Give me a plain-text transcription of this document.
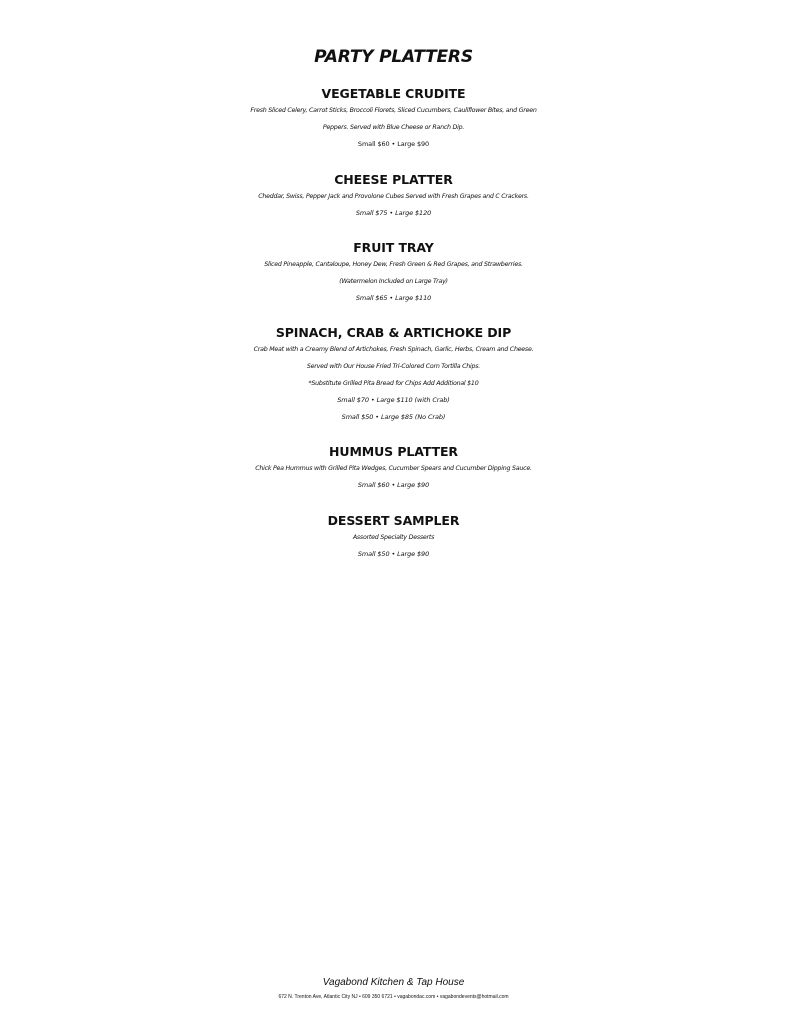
PARTY PLATTERS
VEGETABLE CRUDITE
Fresh Sliced Celery, Carrot Sticks, Broccoli Florets, Sliced Cucumbers, Cauliflower Bites, and Green
Peppers. Served with Blue Cheese or Ranch Dip.
Small $60 • Large $90
CHEESE PLATTER
Cheddar, Swiss, Pepper Jack and Provolone Cubes Served with Fresh Grapes and C Crackers.
Small $75 • Large $120
FRUIT TRAY
Sliced Pineapple, Cantaloupe, Honey Dew, Fresh Green & Red Grapes, and Strawberries.
(Watermelon Included on Large Tray)
Small $65 • Large $110
SPINACH, CRAB & ARTICHOKE DIP
Crab Meat with a Creamy Blend of Artichokes, Fresh Spinach, Garlic, Herbs, Cream and Cheese.
Served with Our House Fried Tri-Colored Corn Tortilla Chips.
*Substitute Grilled Pita Bread for Chips Add Additional $10
Small $70 • Large $110 (with Crab)
Small $50 • Large $85 (No Crab)
HUMMUS PLATTER
Chick Pea Hummus with Grilled Pita Wedges, Cucumber Spears and Cucumber Dipping Sauce.
Small $60 • Large $90
DESSERT SAMPLER
Assorted Specialty Desserts
Small $50 • Large $90
Vagabond Kitchen & Tap House
672 N. Trenton Ave, Atlantic City NJ • 609 350 6721 • vagabondac.com • vagabondevents@hotmail.com
